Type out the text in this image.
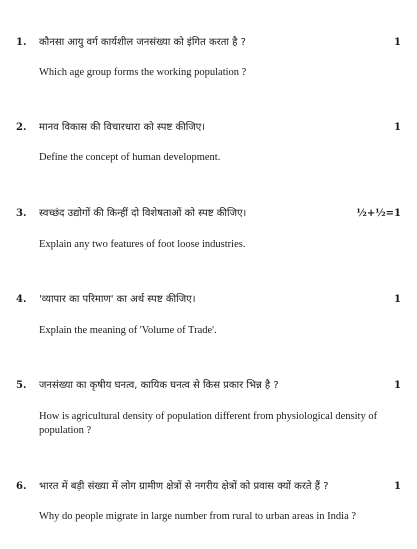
1. कौनसा आयु वर्ग कार्यशील जनसंख्या को इंगित करता है ?	1
Which age group forms the working population ?
2. मानव विकास की विचारधारा को स्पष्ट कीजिए।	1
Define the concept of human development.
3. स्वच्छंद उद्योगों की किन्हीं दो विशेषताओं को स्पष्ट कीजिए।	½+½=1
Explain any two features of foot loose industries.
4. 'व्यापार का परिमाण' का अर्थ स्पष्ट कीजिए।	1
Explain the meaning of 'Volume of Trade'.
5. जनसंख्या का कृषीय घनत्व, कायिक घनत्व से किस प्रकार भिन्न है ?	1
How is agricultural density of population different from physiological density of population ?
6. भारत में बड़ी संख्या में लोग ग्रामीण क्षेत्रों से नगरीय क्षेत्रों को प्रवास क्यों करते हैं ?	1
Why do people migrate in large number from rural to urban areas in India ?
